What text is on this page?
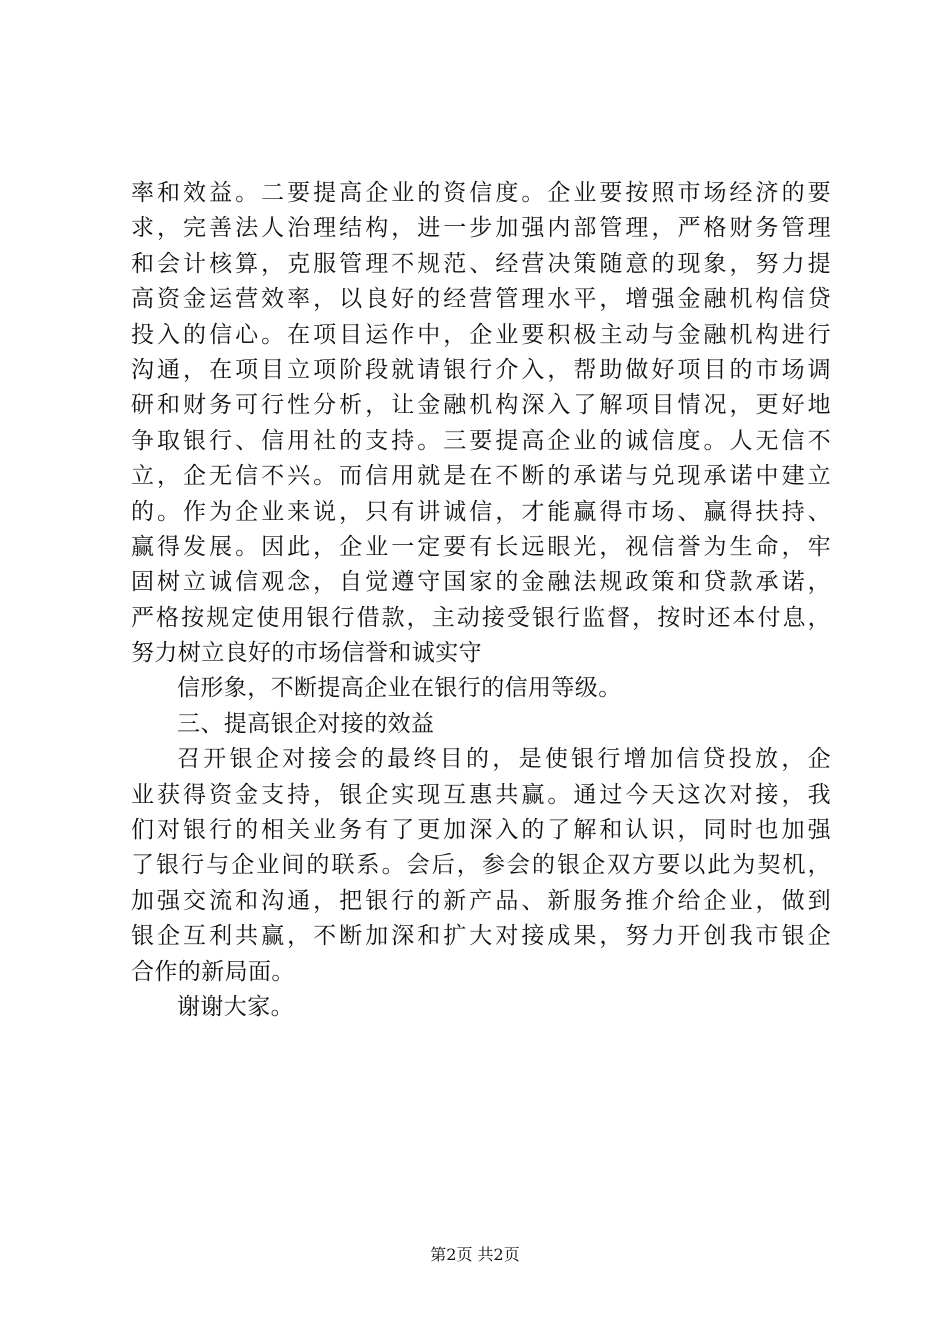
率和效益。二要提高企业的资信度。企业要按照市场经济的要
求，完善法人治理结构，进一步加强内部管理，严格财务管理
和会计核算，克服管理不规范、经营决策随意的现象，努力提
高资金运营效率，以良好的经营管理水平，增强金融机构信贷
投入的信心。在项目运作中，企业要积极主动与金融机构进行
沟通，在项目立项阶段就请银行介入，帮助做好项目的市场调
研和财务可行性分析，让金融机构深入了解项目情况，更好地
争取银行、信用社的支持。三要提高企业的诚信度。人无信不
立，企无信不兴。而信用就是在不断的承诺与兑现承诺中建立
的。作为企业来说，只有讲诚信，才能赢得市场、赢得扶持、
赢得发展。因此，企业一定要有长远眼光，视信誉为生命，牢
固树立诚信观念，自觉遵守国家的金融法规政策和贷款承诺，
严格按规定使用银行借款，主动接受银行监督，按时还本付息，
努力树立良好的市场信誉和诚实守
信形象，不断提高企业在银行的信用等级。
三、提高银企对接的效益
召开银企对接会的最终目的，是使银行增加信贷投放，企
业获得资金支持，银企实现互惠共赢。通过今天这次对接，我
们对银行的相关业务有了更加深入的了解和认识，同时也加强
了银行与企业间的联系。会后，参会的银企双方要以此为契机，
加强交流和沟通，把银行的新产品、新服务推介给企业，做到
银企互利共赢，不断加深和扩大对接成果，努力开创我市银企
合作的新局面。
谢谢大家。
第2页 共2页
